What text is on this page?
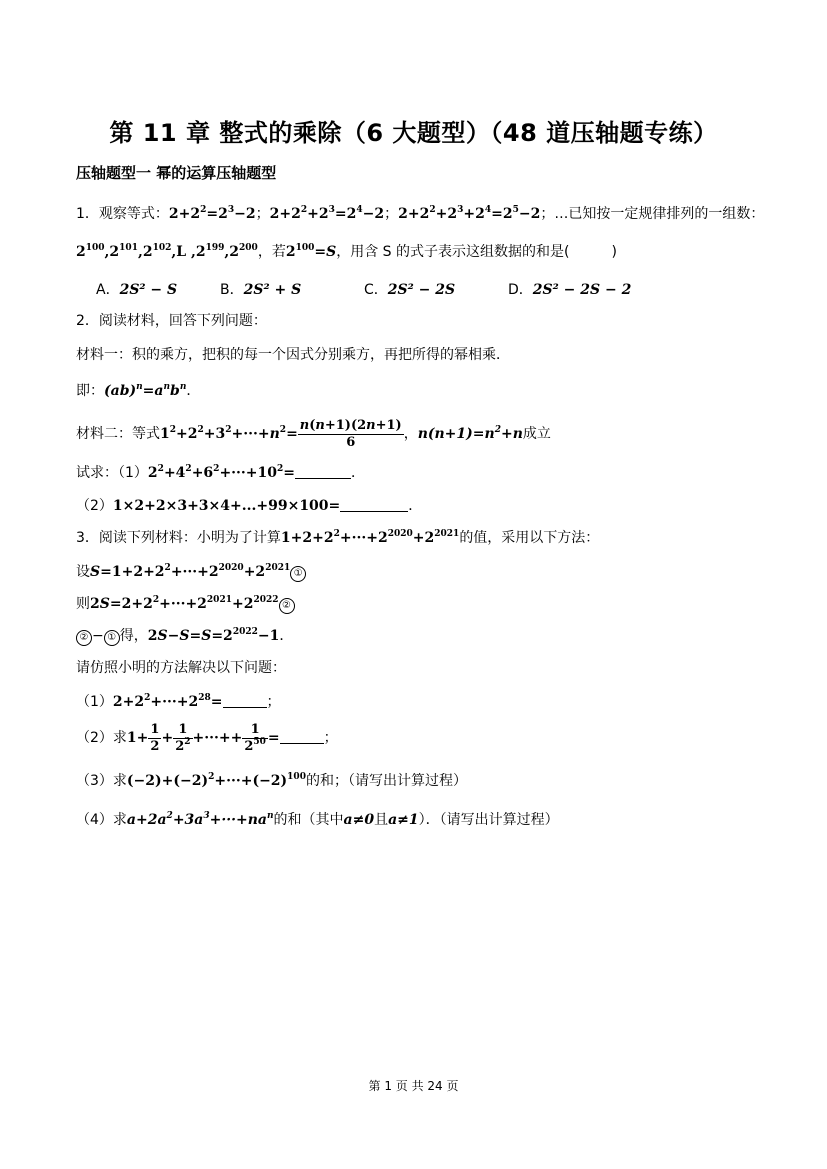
第 11 章 整式的乘除（6 大题型）（48 道压轴题专练）
压轴题型一 幂的运算压轴题型
1．观察等式：$2+2^2=2^3-2$；$2+2^2+2^3=2^4-2$；$2+2^2+2^3+2^4=2^5-2$；…已知按一定规律排列的一组数：
$2^{100},2^{101},2^{102},L$ $,2^{199},2^{200}$，若$2^{100}=S$，用含 S 的式子表示这组数据的和是(　　　)
A．2S² − S	B．2S² + S	C．2S² − 2S	D．2S² − 2S − 2
2．阅读材料，回答下列问题：
材料一：积的乘方，把积的每一个因式分别乘方，再把所得的幂相乘．
即：$(ab)^n=a^nb^n$．
材料二：等式$1^2+2^2+3^2+\cdot\cdot\cdot+n^2= \frac{n(n+1)(2n+1)}{6}$ ，$n(n+1)=n^2+n$成立
试求：$(1)2^2+4^2+6^2+\cdot\cdot\cdot+10^2=$	．
（2）1×2+2×3+3×4+...+99×100=	．
3．阅读下列材料：小明为了计算$1+2+2^2+\cdot\cdot\cdot+2^{2020}+2^{2021}$的值，采用以下方法：
设$S=1+2+2^2+\cdot\cdot\cdot+2^{2020}+2^{2021}$ ①
则$2S=2+2^2+\cdot\cdot\cdot+2^{2021}+2^{2022}$ ②
② − ① 得，$2S-S=S=2^{2022}-1$．
请仿照小明的方法解决以下问题：
$(1)2+2^2+\cdot\cdot\cdot+2^{28}=$	；
（2）求$1+ \frac{1}{2} + \frac{1}{2^2}$ +···++ $\frac{1}{2^{50}}$ =	；
（3）求$(-2)+(-2)^2+\cdot\cdot\cdot+(-2)^{100}$的和；（请写出计算过程）
（4）求$a+2a^2+3a^3+\cdot\cdot\cdot+na^n$的和（其中a≠0且a≠1）．（请写出计算过程）
第 1 页 共 24 页
